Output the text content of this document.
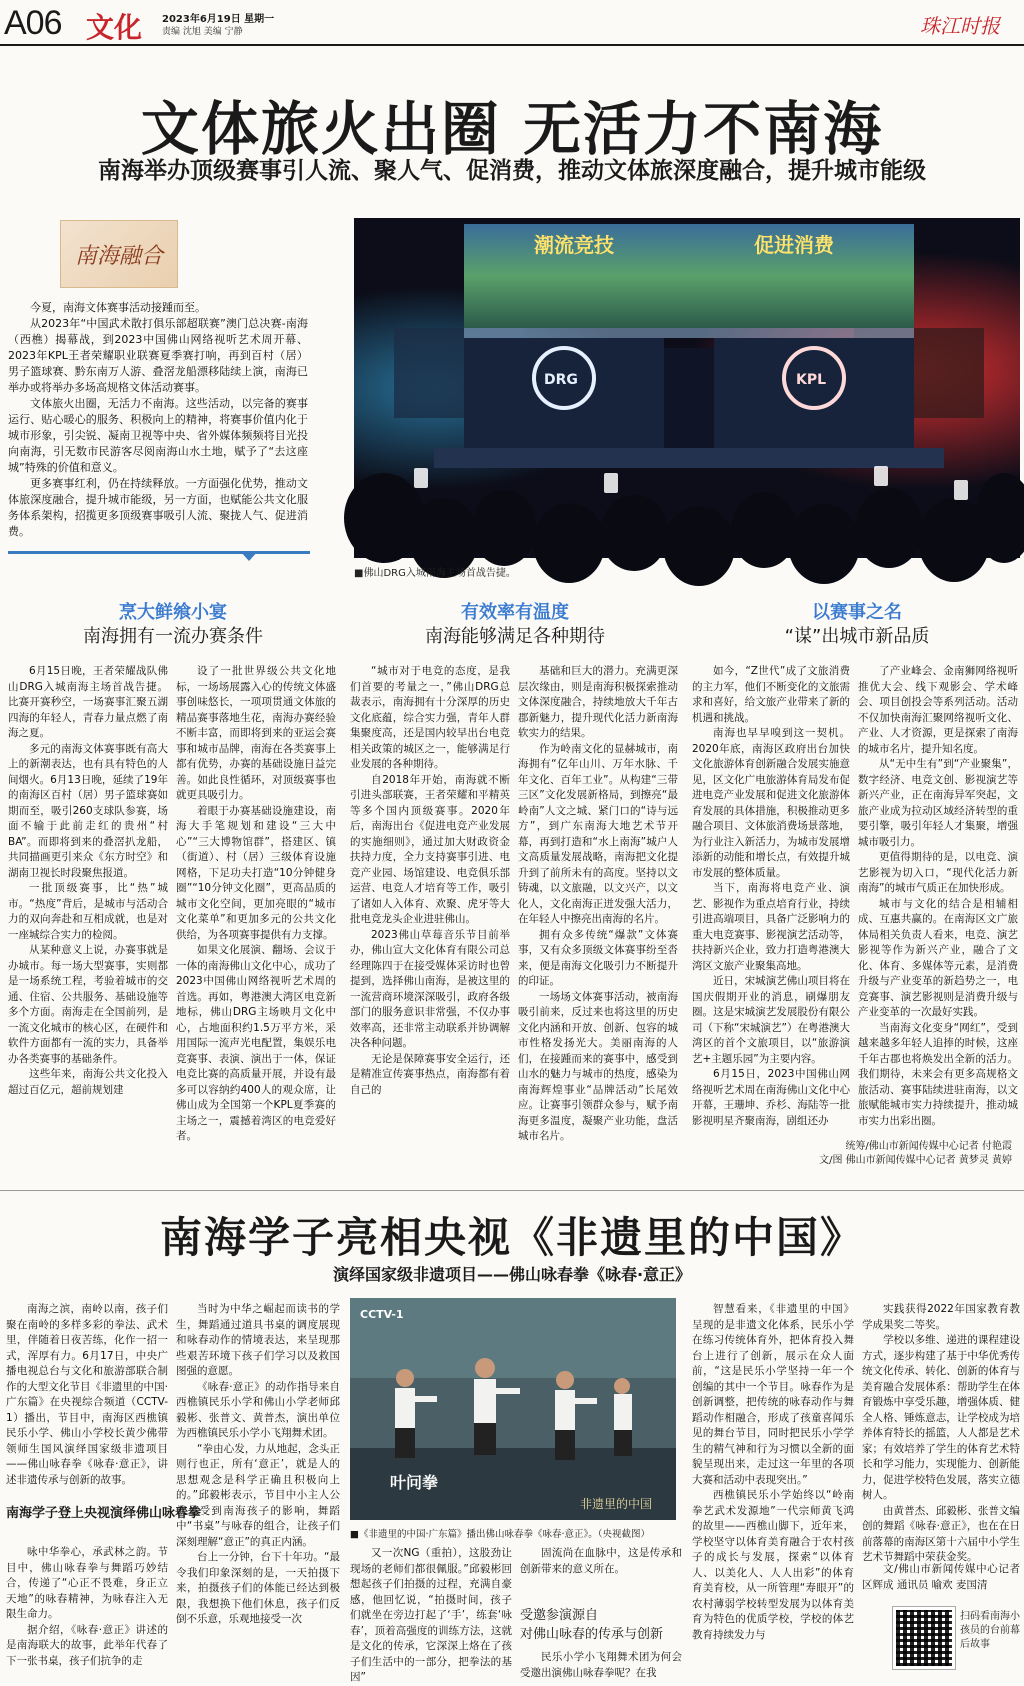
A06 文化 2023年6月19日 星期一
责编 沈旭 美编 宁静	珠江时报
文体旅火出圈 无活力不南海
南海举办顶级赛事引人流、聚人气、促消费，推动文体旅深度融合，提升城市能级
南海融合

今夏，南海文体赛事活动接踵而至。

从2023年“中国武术散打俱乐部超联赛”澳门总决赛-南海（西樵）揭幕战，到2023中国佛山网络视听艺术周开幕、2023年KPL王者荣耀职业联赛夏季赛打响，再到百村（居）男子篮球赛、黔东南万人游、叠滘龙船漂移陆续上演，南海已举办或将举办多场高规格文体活动赛事。

文体旅火出圈，无活力不南海。这些活动，以完备的赛事运行、贴心暖心的服务、积极向上的精神，将赛事价值内化于城市形象，引尖锐、凝南卫视等中央、省外媒体频频将目光投向南海，引无数市民游客尽阅南海山水土地，赋予了“去这座城”特殊的价值和意义。

更多赛事红利，仍在持续释放。一方面强化优势，推动文体旅深度融合，提升城市能级，另一方面，也赋能公共文化服务体系架构，招揽更多顶级赛事吸引人流、聚拢人气、促进消费。

潮流竞技	促进消费
DRG	KPL
■佛山DRG入城南海主场首战告捷。
烹大鲜飨小宴
南海拥有一流办赛条件
有效率有温度
南海能够满足各种期待
以赛事之名
“谋”出城市新品质

6月15日晚，王者荣耀战队佛山DRG入城南海主场首战告捷。比赛开赛秒空，一场赛事汇聚五湖四海的年轻人，青春力量点燃了南海之夏。

多元的南海文体赛事既有高大上的新潮表达，也有具有特色的人间烟火。6月13日晚，延续了19年的南海区百村（居）男子篮球赛如期而至，吸引260支球队参赛，场面不输于此前走红的贵州“村BA”。而即将到来的叠滘扒龙船，共同描画更引来众《东方时空》和湖南卫视长时段聚焦报道。

一批顶级赛事，比“热”城市。“热度”背后，是城市与活动合力的双向奔赴和互相成就，也是对一座城综合实力的检阅。

从某种意义上说，办赛事就是办城市。每一场大型赛事，实则都是一场系统工程，考验着城市的交通、住宿、公共服务、基础设施等多个方面。南海走在全国前列，是一流文化城市的核心区，在硬件和软件方面都有一流的实力，具备举办各类赛事的基础条件。

这些年来，南海公共文化投入超过百亿元，超前规划建

设了一批世界级公共文化地标，一场场展露入心的传统文体盛事创味悠长，一项项贯通文体旅的精品赛事落地生花，南海办赛经验不断丰富，而即将到来的亚运会赛事和城市品牌，南海在各类赛事上都有优势，办赛的基础设施日益完善。如此良性循环，对顶级赛事也就更具吸引力。

着眼于办赛基础设施建设，南海大手笔规划和建设“三大中心”“三大博物馆群”，搭建区、镇（街道）、村（居）三级体育设施网格，下足功夫打造“10分钟健身圈”“10分钟文化圈”，更高品质的城市文化空间，更加亮眼的“城市文化菜单”和更加多元的公共文化供给，为各项赛事提供有力支撑。

如果文化展演、翻场、会议于一体的南海佛山文化中心，成功了2023中国佛山网络视听艺术周的首选。再如，粤港澳大湾区电竞新地标，佛山DRG主场映月文化中心，占地面积约1.5万平方米，采用国际一流声光电配置，集娱乐电竞赛事、表演、演出于一体，保证电竞比赛的高质量开展，并设有最多可以容纳约400人的观众席，让佛山成为全国第一个KPL夏季赛的主场之一，震撼着湾区的电竞爱好者。

“城市对于电竞的态度，是我们首要的考量之一，”佛山DRG总裁表示，南海拥有十分深厚的历史文化底蕴，综合实力强，青年人群集聚度高，还是国内较早出台电竞相关政策的城区之一，能够满足行业发展的各种期待。

自2018年开始，南海就不断引进头部联赛，王者荣耀和平精英等多个国内顶级赛事。2020年后，南海出台《促进电竞产业发展的实施细则》，通过加大财政资金扶持力度，全力支持赛事引进、电竞产业园、场馆建设、电竞俱乐部运营、电竞人才培育等工作，吸引了诸如人入体育、欢聚、虎牙等大批电竞龙头企业进驻佛山。

2023佛山草莓音乐节目前举办，佛山宣大文化体育有限公司总经理陈四于在接受媒体采访时也曾提到，选择佛山南海，是被这里的一流营商环境深深吸引，政府各级部门的服务意识非常强，不仅办事效率高，还非常主动联系并协调解决各种问题。

无论是保障赛事安全运行，还是精准宣传赛事热点，南海都有着自己的

基础和巨大的潜力。充满更深层次缘由，则是南海积极探索推动文体深度融合，持续地放大千年古郡新魅力，提升现代化活力新南海软实力的结果。

作为岭南文化的显赫城市，南海拥有“亿年山川、万年水脉、千年文化、百年工业”。从构建“三带三区”文化发展新格局，到擦亮“最岭南”人文之城、紧门口的“诗与远方”，到广东南海大地艺术节开幕，再到打造和“水上南海”城户人文高质量发展战略，南海把文化提升到了前所未有的高度。坚持以文铸魂，以文旅融，以文兴产，以文化人，文化南海正迸发强大活力，在年轻人中擦亮出南海的名片。

拥有众多传统“爆款”文体赛事，又有众多顶级文体赛事纷至沓来，便是南海文化吸引力不断提升的印证。

一场场文体赛事活动，被南海吸引前来，反过来也将这里的历史文化内涵和开放、创新、包容的城市性格发扬光大。美丽南海的人们，在接踵而来的赛事中，感受到山水的魅力与城市的热度，感染为南海辉煌事业“品牌活动”长尾效应。让赛事引领群众参与，赋予南海更多温度，凝聚产业功能，盘活城市名片。

如今，“Z世代”成了文旅消费的主力军，他们不断变化的文旅需求和喜好，给文旅产业带来了新的机遇和挑战。

南海也早早嗅到这一契机。2020年底，南海区政府出台加快文化旅游体育创新融合发展实施意见，区文化广电旅游体育局发布促进电竞产业发展和促进文化旅游体育发展的具体措施，积极推动更多融合项目、文体旅消费场景落地，为行业注入新活力，为城市发展增添新的动能和增长点，有效提升城市发展的整体质量。

当下，南海将电竞产业、演艺、影视作为重点培育行业，持续引进高端项目，具备广泛影响力的重大电竞赛事、影视演艺活动等，扶持新兴企业，致力打造粤港澳大湾区文旅产业聚集高地。

近日，宋城演艺佛山项目将在国庆假期开业的消息，刷爆朋友圈。这是宋城演艺发展股份有限公司（下称“宋城演艺”）在粤港澳大湾区的首个文旅项目，以“旅游演艺+主题乐园”为主要内容。

6月15日，2023中国佛山网络视听艺术周在南海佛山文化中心开幕，王珊坤、乔杉、海陆等一批影视明星齐聚南海，剧组还办

了产业峰会、金南狮网络视听推优大会、线下观影会、学术峰会、项目创投会等系列活动。活动不仅加快南海汇聚网络视听文化、产业、人才资源，更是探索了南海的城市名片，提升知名度。

从“无中生有”到“产业聚集”，数字经济、电竞文创、影视演艺等新兴产业，正在南海异军突起，文旅产业成为拉动区域经济转型的重要引擎，吸引年轻人才集聚，增强城市吸引力。

更值得期待的是，以电竞、演艺影视为切入口，“现代化活力新南海”的城市气质正在加快形成。

城市与文化的结合是相辅相成、互惠共赢的。在南海区文广旅体局相关负责人看来，电竞、演艺影视等作为新兴产业，融合了文化、体育、多媒体等元素，是消费升级与产业变革的新趋势之一，电竞赛事、演艺影视则是消费升级与产业变革的一次最好实践。

当南海文化变身“网红”，受到越来越多年轻人追捧的时候，这座千年古郡也将焕发出全新的活力。我们期待，未来会有更多高规格文旅活动、赛事陆续进驻南海，以文旅赋能城市实力持续提升，推动城市实力出彩出圈。

统筹/佛山市新闻传媒中心记者 付艳霞
文/图 佛山市新闻传媒中心记者 黄梦灵 黄婷
南海学子亮相央视《非遗里的中国》
演绎国家级非遗项目——佛山咏春拳《咏春·意正》

南海之滨，南岭以南，孩子们聚在南岭的多样多彩的拳法、武术里，伴随着日夜苦练，化作一招一式，浑厚有力。6月17日，中央广播电视总台与文化和旅游部联合制作的大型文化节目《非遗里的中国·广东篇》在央视综合频道（CCTV-1）播出，节目中，南海区西樵镇民乐小学、佛山小学校长黄少佛带领师生国风演绎国家级非遗项目——佛山咏春拳《咏春·意正》，讲述非遗传承与创新的故事。

南海学子登上央视演绎佛山咏春拳

咏中华拳心，承武林之韵。节目中，佛山咏春拳与舞蹈巧妙结合，传递了“心正不畏难，身正立天地”的咏春精神，为咏春注入无限生命力。

据介绍，《咏春·意正》讲述的是南海联大的故事，此举年代春了下一张书桌，孩子们抗争的走

当时为中华之崛起而读书的学生，舞蹈通过道具书桌的调度展现和咏春动作的情境表达，来呈现那些艰苦环境下孩子们学习以及救国图强的意愿。

《咏春·意正》的动作指导来自西樵镇民乐小学和佛山小学老师邱毅彬、张普文、黄普杰，演出单位为西樵镇民乐小学小飞翔舞术团。

“拳由心发，力从地起，念头正则行也正，所有‘意正’，就是人的思想观念是科学正确且积极向上的。”邱毅彬表示，节目中小主人公就是受到南海孩子的影响，舞蹈中“书桌”与咏春的组合，让孩子们深刻理解“意正”的真正内涵。

台上一分钟，台下十年功。“最令我们印象深刻的是，一天拍摄下来，拍摄孩子们的体能已经达到极限，我想换下他们休息，孩子们反倒不乐意，乐观地接受一次

CCTV-1
叶问拳
非遗里的中国
■《非遗里的中国·广东篇》播出佛山咏春拳《咏春·意正》。（央视截图）

又一次NG（重拍），这股劲让现场的老师们都很佩服。”邱毅彬回想起孩子们拍摄的过程，充满自豪感，他回忆说，“拍摄时间，孩子们就坐在旁边打起了‘手’，练套‘咏春’，顶着高强度的训练方法，这就是文化的传承，它深深上烙在了孩子们生活中的一部分，把拳法的基因”

固流尚在血脉中，这是传承和创新带来的意义所在。

受邀参演源自
对佛山咏春的传承与创新

民乐小学小飞翔舞术团为何会受邀出演佛山咏春拳呢？在我

智慧看来，《非遗里的中国》呈现的是非遗文化体系，民乐小学在练习传统体育外，把体育投入舞台上进行了创新，展示在众人面前，“这是民乐小学坚持一年一个创编的其中一个节目。咏春作为是创新调整，把传统的咏春动作与舞蹈动作相融合，形成了孩童喜闻乐见的舞台节目，同时把民乐小学学生的精气神和行为习惯以全新的面貌呈现出来，走过这一年里的各项大赛和活动中表现突出。”

西樵镇民乐小学始终以“岭南拳艺武术发源地”一代宗师黄飞鸿的故里——西樵山脚下，近年来，学校坚守以体育美育融合于农村孩子的成长与发展，探索“以体育人、以美化人、人人出彩”的体育育美育校，从一所管理“寿眼开”的农村薄弱学校转型发展为以体育美育为特色的优质学校，学校的体艺教育持续发力与

实践获得2022年国家教育教学成果奖二等奖。

学校以多维、递进的课程建设方式，逐步构建了基于中华优秀传统文化传承、转化、创新的体育与美育融合发展体系：帮助学生在体育锻炼中享受乐趣，增强体质、健全人格、锤炼意志，让学校成为培养体育特长的摇篮，人人都是艺术家；有效培养了学生的体育艺术特长和学习能力，实现能力、创新能力，促进学校特色发展，落实立德树人。

由黄普杰、邱毅彬、张普文编创的舞蹈《咏春·意正》，也在在日前落幕的南海区第十六届中小学生艺术节舞蹈中荣获金奖。

文/佛山市新闻传媒中心记者 区辉成 通讯员 喻欢 麦国清

扫码看南海小孩员的台前幕后故事
